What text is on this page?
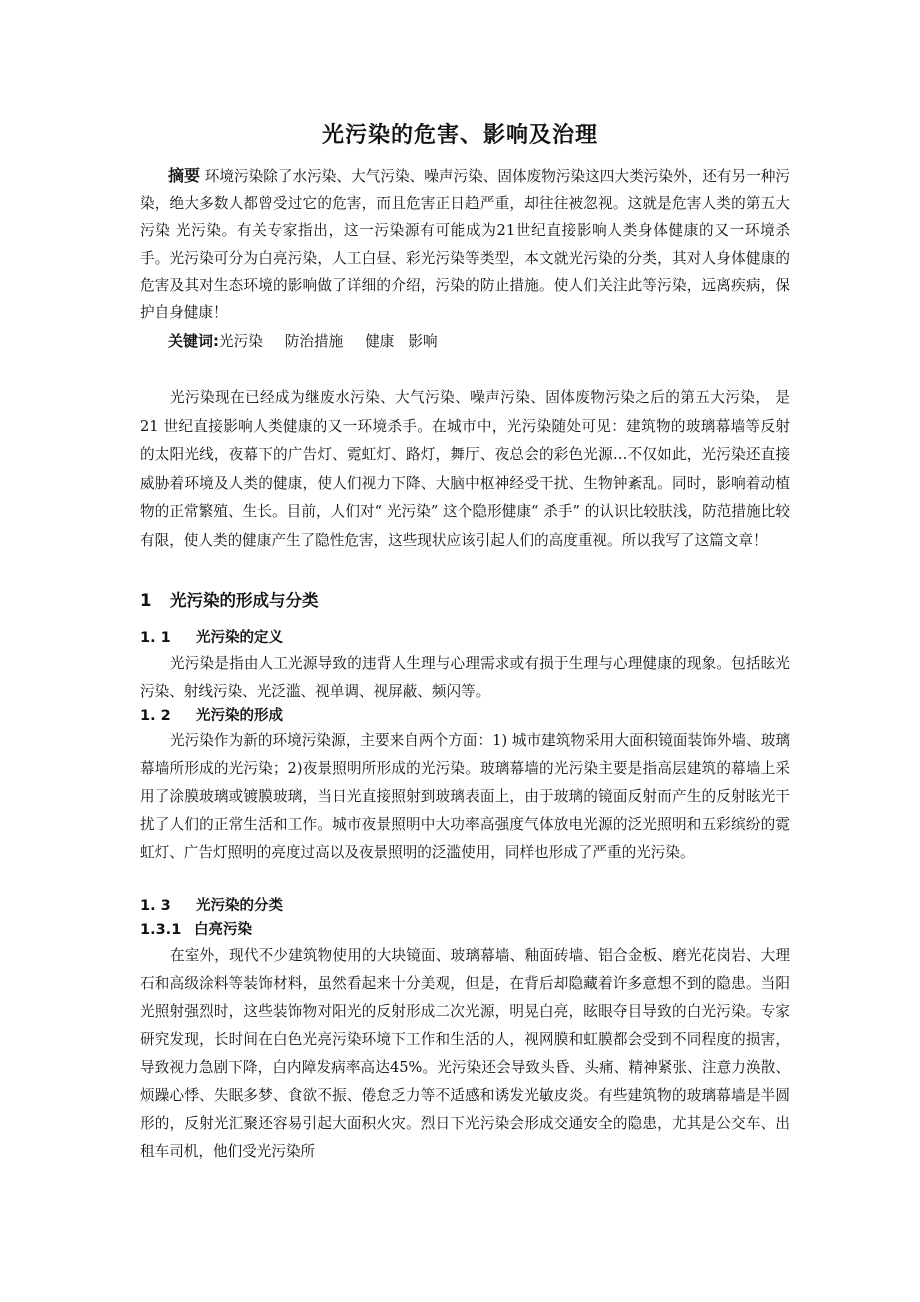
光污染的危害、影响及治理

摘要 环境污染除了水污染、大气污染、噪声污染、固体废物污染这四大类污染外，还有另一种污染，绝大多数人都曾受过它的危害，而且危害正日趋严重，却往往被忽视。这就是危害人类的第五大污染 光污染。有关专家指出，这一污染源有可能成为21世纪直接影响人类身体健康的又一环境杀手。光污染可分为白亮污染，人工白昼、彩光污染等类型，本文就光污染的分类，其对人身体健康的危害及其对生态环境的影响做了详细的介绍，污染的防止措施。使人们关注此等污染，远离疾病，保护自身健康！

关键词:光污染 防治措施 健康 影响

光污染现在已经成为继废水污染、大气污染、噪声污染、固体废物污染之后的第五大污染， 是 21 世纪直接影响人类健康的又一环境杀手。在城市中，光污染随处可见：建筑物的玻璃幕墙等反射的太阳光线，夜幕下的广告灯、霓虹灯、路灯，舞厅、夜总会的彩色光源…不仅如此，光污染还直接威胁着环境及人类的健康，使人们视力下降、大脑中枢神经受干扰、生物钟紊乱。同时，影响着动植物的正常繁殖、生长。目前，人们对“ 光污染” 这个隐形健康“ 杀手” 的认识比较肤浅，防范措施比较有限，使人类的健康产生了隐性危害，这些现状应该引起人们的高度重视。所以我写了这篇文章！

1 光污染的形成与分类
1. 1 光污染的定义

光污染是指由人工光源导致的违背人生理与心理需求或有损于生理与心理健康的现象。包括眩光污染、射线污染、光泛滥、视单调、视屏蔽、频闪等。

1. 2 光污染的形成

光污染作为新的环境污染源，主要来自两个方面：1) 城市建筑物采用大面积镜面装饰外墙、玻璃幕墙所形成的光污染；2)夜景照明所形成的光污染。玻璃幕墙的光污染主要是指高层建筑的幕墙上采用了涂膜玻璃或镀膜玻璃，当日光直接照射到玻璃表面上，由于玻璃的镜面反射而产生的反射眩光干扰了人们的正常生活和工作。城市夜景照明中大功率高强度气体放电光源的泛光照明和五彩缤纷的霓虹灯、广告灯照明的亮度过高以及夜景照明的泛滥使用，同样也形成了严重的光污染。

1. 3 光污染的分类
1.3.1 白亮污染

在室外，现代不少建筑物使用的大块镜面、玻璃幕墙、釉面砖墙、铝合金板、磨光花岗岩、大理石和高级涂料等装饰材料，虽然看起来十分美观，但是，在背后却隐藏着许多意想不到的隐患。当阳光照射强烈时，这些装饰物对阳光的反射形成二次光源，明晃白亮，眩眼夺目导致的白光污染。专家研究发现，长时间在白色光亮污染环境下工作和生活的人，视网膜和虹膜都会受到不同程度的损害，导致视力急剧下降，白内障发病率高达45%。光污染还会导致头昏、头痛、精神紧张、注意力涣散、烦躁心悸、失眠多梦、食欲不振、倦怠乏力等不适感和诱发光敏皮炎。有些建筑物的玻璃幕墙是半圆形的，反射光汇聚还容易引起大面积火灾。烈日下光污染会形成交通安全的隐患，尤其是公交车、出租车司机，他们受光污染所
